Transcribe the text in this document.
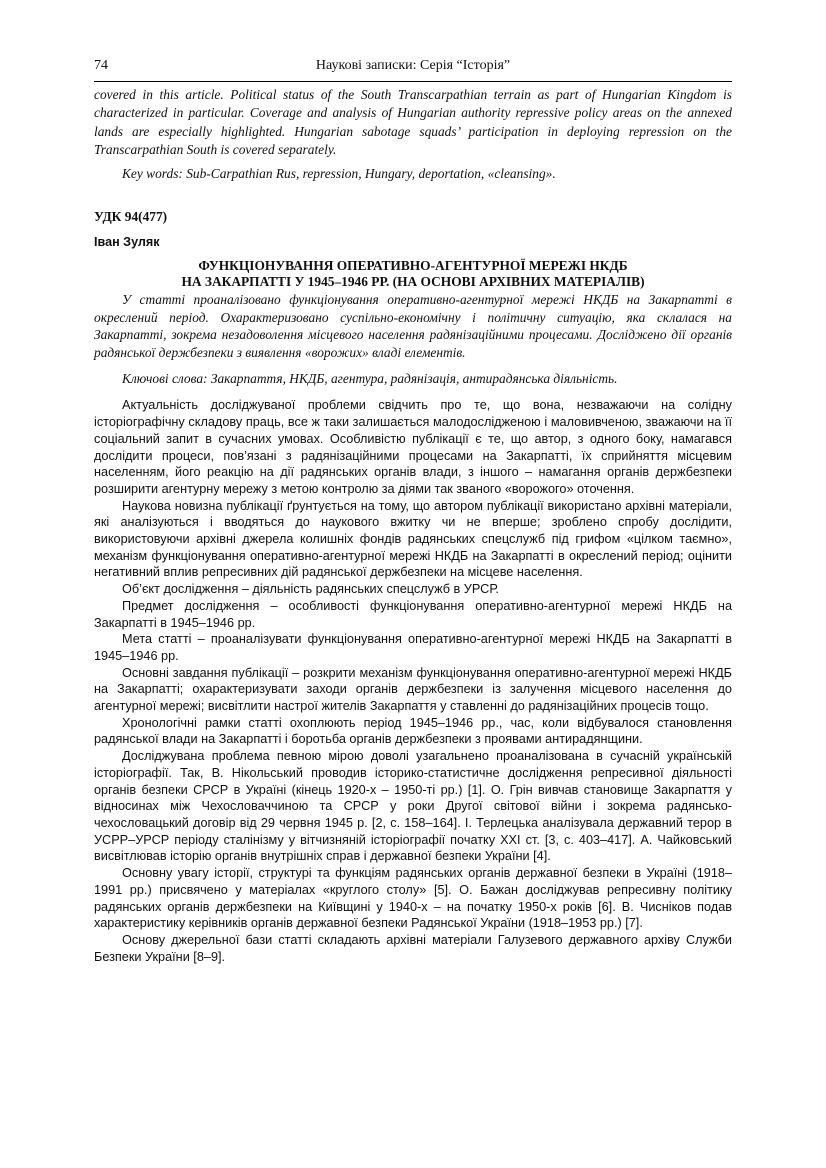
74	Наукові записки: Серія “Історія”

covered in this article. Political status of the South Transcarpathian terrain as part of Hungarian Kingdom is characterized in particular. Coverage and analysis of Hungarian authority repressive policy areas on the annexed lands are especially highlighted. Hungarian sabotage squads’ participation in deploying repression on the Transcarpathian South is covered separately.

Key words: Sub-Carpathian Rus, repression, Hungary, deportation, «cleansing».

УДК 94(477)

Іван Зуляк

ФУНКЦІОНУВАННЯ ОПЕРАТИВНО-АГЕНТУРНОЇ МЕРЕЖІ НКДБ
НА ЗАКАРПАТТІ У 1945–1946 РР. (НА ОСНОВІ АРХІВНИХ МАТЕРІАЛІВ)

У статті проаналізовано функціонування оперативно-агентурної мережі НКДБ на Закарпатті в окреслений період. Охарактеризовано суспільно-економічну і політичну ситуацію, яка склалася на Закарпатті, зокрема незадоволення місцевого населення радянізаційними процесами. Досліджено дії органів радянської держбезпеки з виявлення «ворожих» владі елементів.

Ключові слова: Закарпаття, НКДБ, агентура, радянізація, антирадянська діяльність.

Актуальність досліджуваної проблеми свідчить про те, що вона, незважаючи на солідну історіографічну складову праць, все ж таки залишається малодослідженою і маловивченою, зважаючи на її соціальний запит в сучасних умовах. Особливістю публікації є те, що автор, з одного боку, намагався дослідити процеси, пов’язані з радянізаційними процесами на Закарпатті, їх сприйняття місцевим населенням, його реакцію на дії радянських органів влади, з іншого – намагання органів держбезпеки розширити агентурну мережу з метою контролю за діями так званого «ворожого» оточення.

Наукова новизна публікації ґрунтується на тому, що автором публікації використано архівні матеріали, які аналізуються і вводяться до наукового вжитку чи не вперше; зроблено спробу дослідити, використовуючи архівні джерела колишніх фондів радянських спецслужб під грифом «цілком таємно», механізм функціонування оперативно-агентурної мережі НКДБ на Закарпатті в окреслений період; оцінити негативний вплив репресивних дій радянської держбезпеки на місцеве населення.

Об’єкт дослідження – діяльність радянських спецслужб в УРСР.

Предмет дослідження – особливості функціонування оперативно-агентурної мережі НКДБ на Закарпатті в 1945–1946 рр.

Мета статті – проаналізувати функціонування оперативно-агентурної мережі НКДБ на Закарпатті в 1945–1946 рр.

Основні завдання публікації – розкрити механізм функціонування оперативно-агентурної мережі НКДБ на Закарпатті; охарактеризувати заходи органів держбезпеки із залучення місцевого населення до агентурної мережі; висвітлити настрої жителів Закарпаття у ставленні до радянізаційних процесів тощо.

Хронологічні рамки статті охоплюють період 1945–1946 рр., час, коли відбувалося становлення радянської влади на Закарпатті і боротьба органів держбезпеки з проявами антирадянщини.

Досліджувана проблема певною мірою доволі узагальнено проаналізована в сучасній українській історіографії. Так, В. Нікольський проводив історико-статистичне дослідження репресивної діяльності органів безпеки СРСР в Україні (кінець 1920-х – 1950-ті рр.) [1]. О. Грін вивчав становище Закарпаття у відносинах між Чехословаччиною та СРСР у роки Другої світової війни і зокрема радянсько-чехословацький договір від 29 червня 1945 р. [2, с. 158–164]. І. Терлецька аналізувала державний терор в УСРР–УРСР періоду сталінізму у вітчизняній історіографії початку ХХІ ст. [3, с. 403–417]. А. Чайковський висвітлював історію органів внутрішніх справ і державної безпеки України [4].

Основну увагу історії, структурі та функціям радянських органів державної безпеки в Україні (1918–1991 рр.) присвячено у матеріалах «круглого столу» [5]. О. Бажан досліджував репресивну політику радянських органів держбезпеки на Київщині у 1940-х – на початку 1950-х років [6]. В. Чисніков подав характеристику керівників органів державної безпеки Радянської України (1918–1953 рр.) [7].

Основу джерельної бази статті складають архівні матеріали Галузевого державного архіву Служби Безпеки України [8–9].
